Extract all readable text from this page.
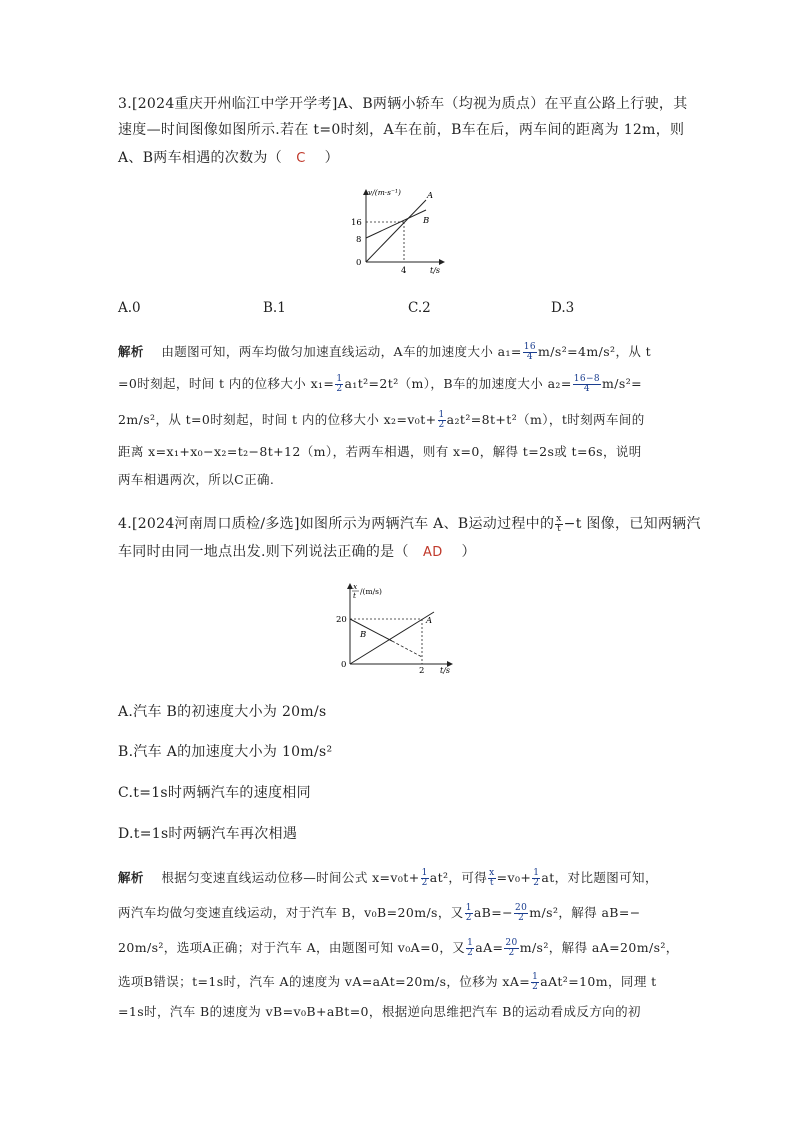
3.[2024重庆开州临江中学开学考]A、B两辆小轿车（均视为质点）在平直公路上行驶，其
速度—时间图像如图所示.若在 t=0时刻，A车在前，B车在后，两车间的距离为 12m，则
A、B两车相遇的次数为（ C ）
v/(m·s⁻¹)
t/s
16
8
0
4
A
B
A.0	B.1	C.2	D.3
解析 由题图可知，两车均做匀加速直线运动，A车的加速度大小 $a_1= \frac{16}{4} m/s^2=4m/s^2$，从 t
=0时刻起，时间 t 内的位移大小 $x_1= \frac{1}{2} a_1t^2=2t^2(m)$，B车的加速度大小 $a_2= \frac{16-8}{4} m/s^2=$
2m/s²，从 t=0时刻起，时间 t 内的位移大小 $x_2=v_0t+ \frac{1}{2} a_2t^2=8t+t^2(m)$，t时刻两车间的
距离 x=x₁+x₀−x₂=t₂−8t+12（m），若两车相遇，则有 x=0，解得 t=2s或 t=6s，说明
两车相遇两次，所以C正确.
4.[2024河南周口质检/多选]如图所示为两辆汽车 A、B运动过程中的 $\frac{x}{t} -t$ 图像，已知两辆汽
车同时由同一地点出发.则下列说法正确的是（ AD ）
x
t /(m/s)
t/s
20
0
2
A
B
A.汽车 B的初速度大小为 20m/s
B.汽车 A的加速度大小为 10m/s²
C.t=1s时两辆汽车的速度相同
D.t=1s时两辆汽车再次相遇
解析 根据匀变速直线运动位移—时间公式 $x=v_0t+ \frac{1}{2} at^2$，可得 $\frac{x}{t} =v_0+ \frac{1}{2}$ at，对比题图可知，
两汽车均做匀变速直线运动，对于汽车 B，v₀B=20m/s，又 $\frac{1}{2} aB=- \frac{20}{2} m/s^2$，解得 aB=−
20m/s²，选项A正确；对于汽车 A，由题图可知 v₀A=0，又 $\frac{1}{2} aA= \frac{20}{2} m/s^2$，解得 aA=20m/s²，
选项B错误；t=1s时，汽车 A的速度为 vA=aAt=20m/s，位移为 $xA= \frac{1}{2} aAt^2=10m$，同理 t
=1s时，汽车 B的速度为 vB=v₀B+aBt=0，根据逆向思维把汽车 B的运动看成反方向的初
